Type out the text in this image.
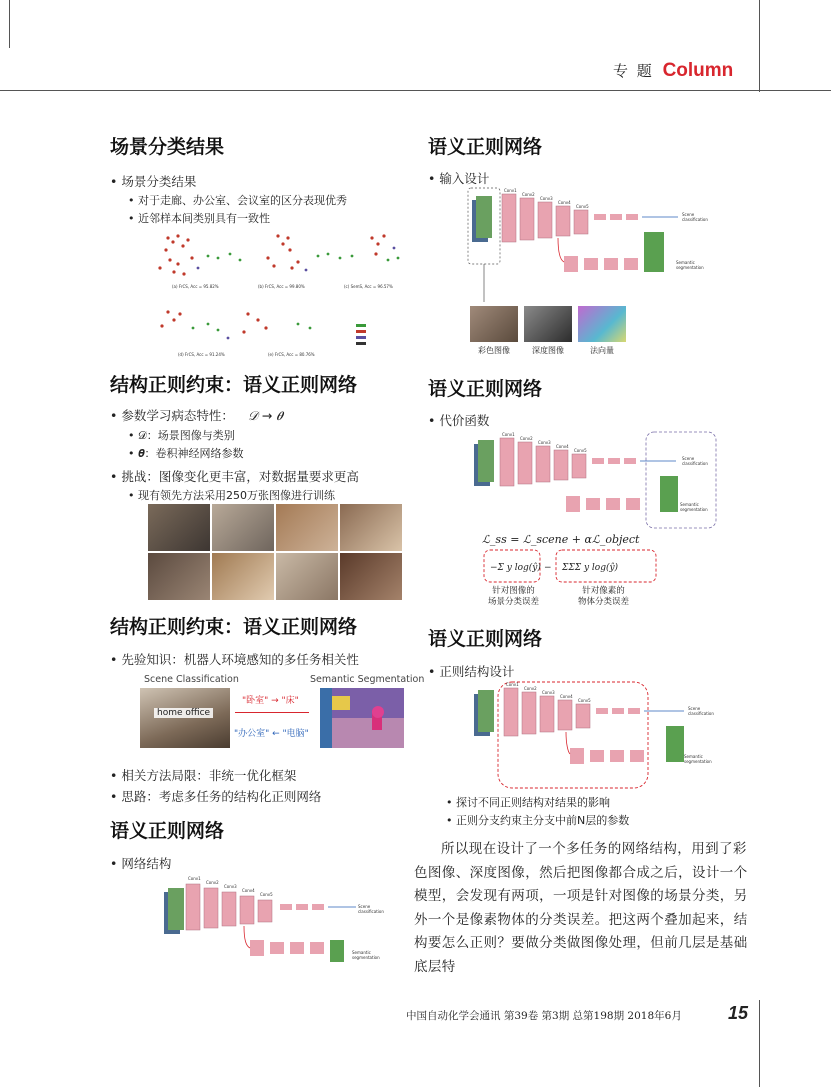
专 题 Column
场景分类结果
• 场景分类结果
• 对于走廊、办公室、会议室的区分表现优秀
• 近邻样本间类别具有一致性
(a) FrCS, Acc = 95.82%	(b) FrCS, Acc = 99.80%	(c) SemS, Acc = 96.57%
(d) FrCS, Acc = 91.24%	(e) FrCS, Acc = 80.76%
结构正则约束：语义正则网络
• 参数学习病态特性： 𝒟 → 𝜽
• 𝒟：场景图像与类别
• 𝜽：卷积神经网络参数
• 挑战：图像变化更丰富，对数据量要求更高
• 现有领先方法采用250万张图像进行训练
结构正则约束：语义正则网络
• 先验知识：机器人环境感知的多任务相关性
Scene Classification	Semantic Segmentation
home office
"卧室" → "床"
"办公室" ← "电脑"
• 相关方法局限：非统一优化框架
• 思路：考虑多任务的结构化正则网络
语义正则网络
• 网络结构
Conv1
Conv2
Conv3
Conv4
Conv5
Scene
classification
Semantic
segmentation
语义正则网络
• 输入设计
Conv1
Conv2
Conv3
Conv4
Conv5
Scene
classification
Semantic
segmentation
彩色图像	深度图像	法向量
语义正则网络
• 代价函数
Conv1
Conv2
Conv3
Conv4
Conv5
Scene
classification
Semantic
segmentation
ℒ_ss = ℒ_scene + αℒ_object
−Σ y log(ŷ) − ΣΣΣ y log(ŷ)
针对图像的
场景分类误差
针对像素的
物体分类误差
语义正则网络
• 正则结构设计
Conv1
Conv2
Conv3
Conv4
Conv5
Scene
classification
Semantic
segmentation
• 探讨不同正则结构对结果的影响
• 正则分支约束主分支中前N层的参数
所以现在设计了一个多任务的网络结构，用到了彩色图像、深度图像，然后把图像都合成之后，设计一个模型，会发现有两项，一项是针对图像的场景分类，另外一个是像素物体的分类误差。把这两个叠加起来，结构要怎么正则？要做分类做图像处理，但前几层是基础底层特
中国自动化学会通讯 第39卷 第3期 总第198期 2018年6月	15
